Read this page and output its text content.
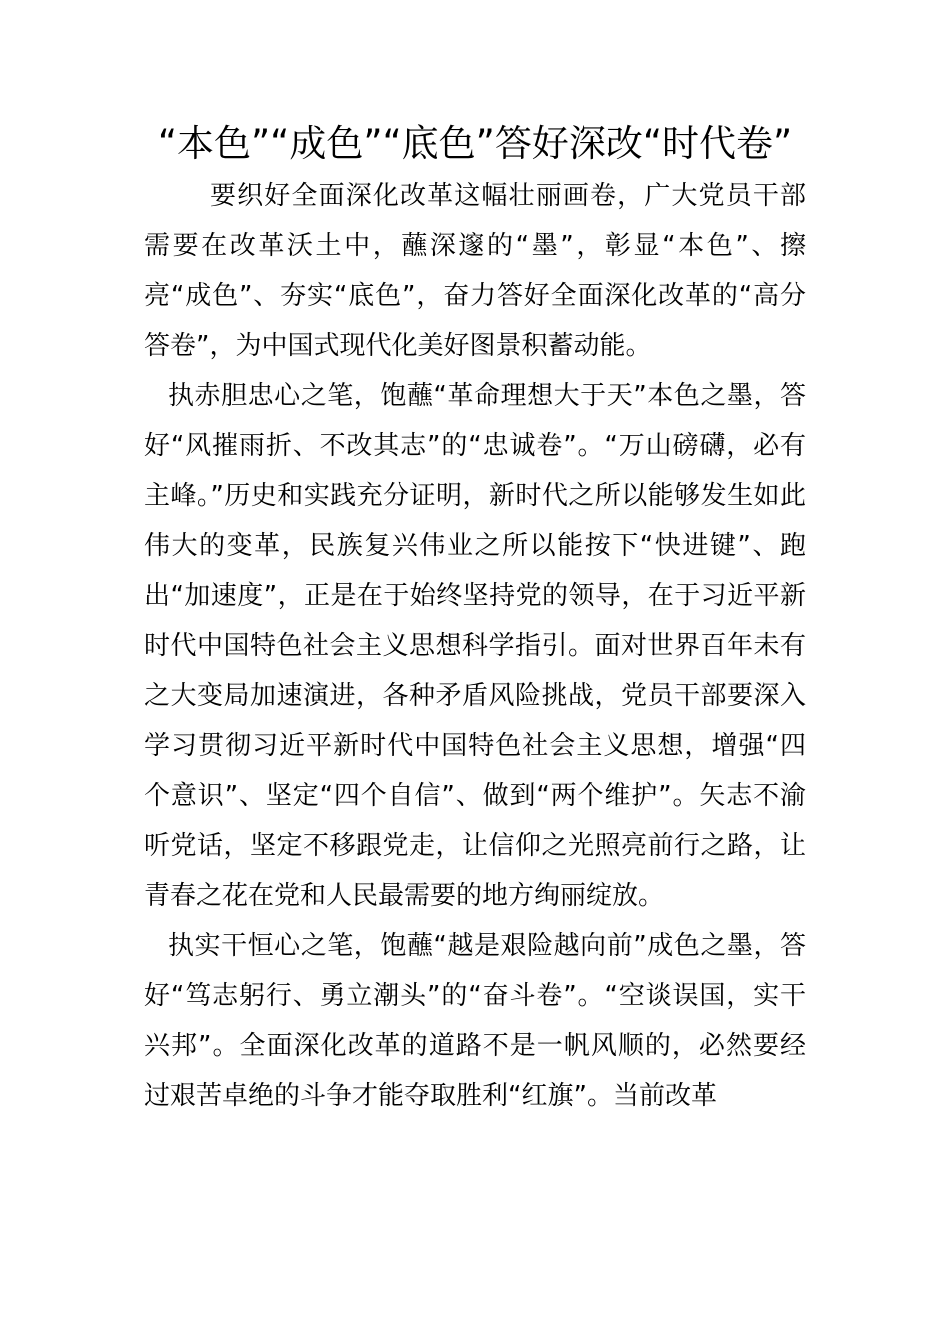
“本色”“成色”“底色”答好深改“时代卷”

要织好全面深化改革这幅壮丽画卷，广大党员干部需要在改革沃土中，蘸深邃的“墨”，彰显“本色”、擦亮“成色”、夯实“底色”，奋力答好全面深化改革的“高分答卷”，为中国式现代化美好图景积蓄动能。

执赤胆忠心之笔，饱蘸“革命理想大于天”本色之墨，答好“风摧雨折、不改其志”的“忠诚卷”。“万山磅礴，必有主峰。”历史和实践充分证明，新时代之所以能够发生如此伟大的变革，民族复兴伟业之所以能按下“快进键”、跑出“加速度”，正是在于始终坚持党的领导，在于习近平新时代中国特色社会主义思想科学指引。面对世界百年未有之大变局加速演进，各种矛盾风险挑战，党员干部要深入学习贯彻习近平新时代中国特色社会主义思想，增强“四个意识”、坚定“四个自信”、做到“两个维护”。矢志不渝听党话，坚定不移跟党走，让信仰之光照亮前行之路，让青春之花在党和人民最需要的地方绚丽绽放。

执实干恒心之笔，饱蘸“越是艰险越向前”成色之墨，答好“笃志躬行、勇立潮头”的“奋斗卷”。“空谈误国，实干兴邦”。全面深化改革的道路不是一帆风顺的，必然要经过艰苦卓绝的斗争才能夺取胜利“红旗”。当前改革
